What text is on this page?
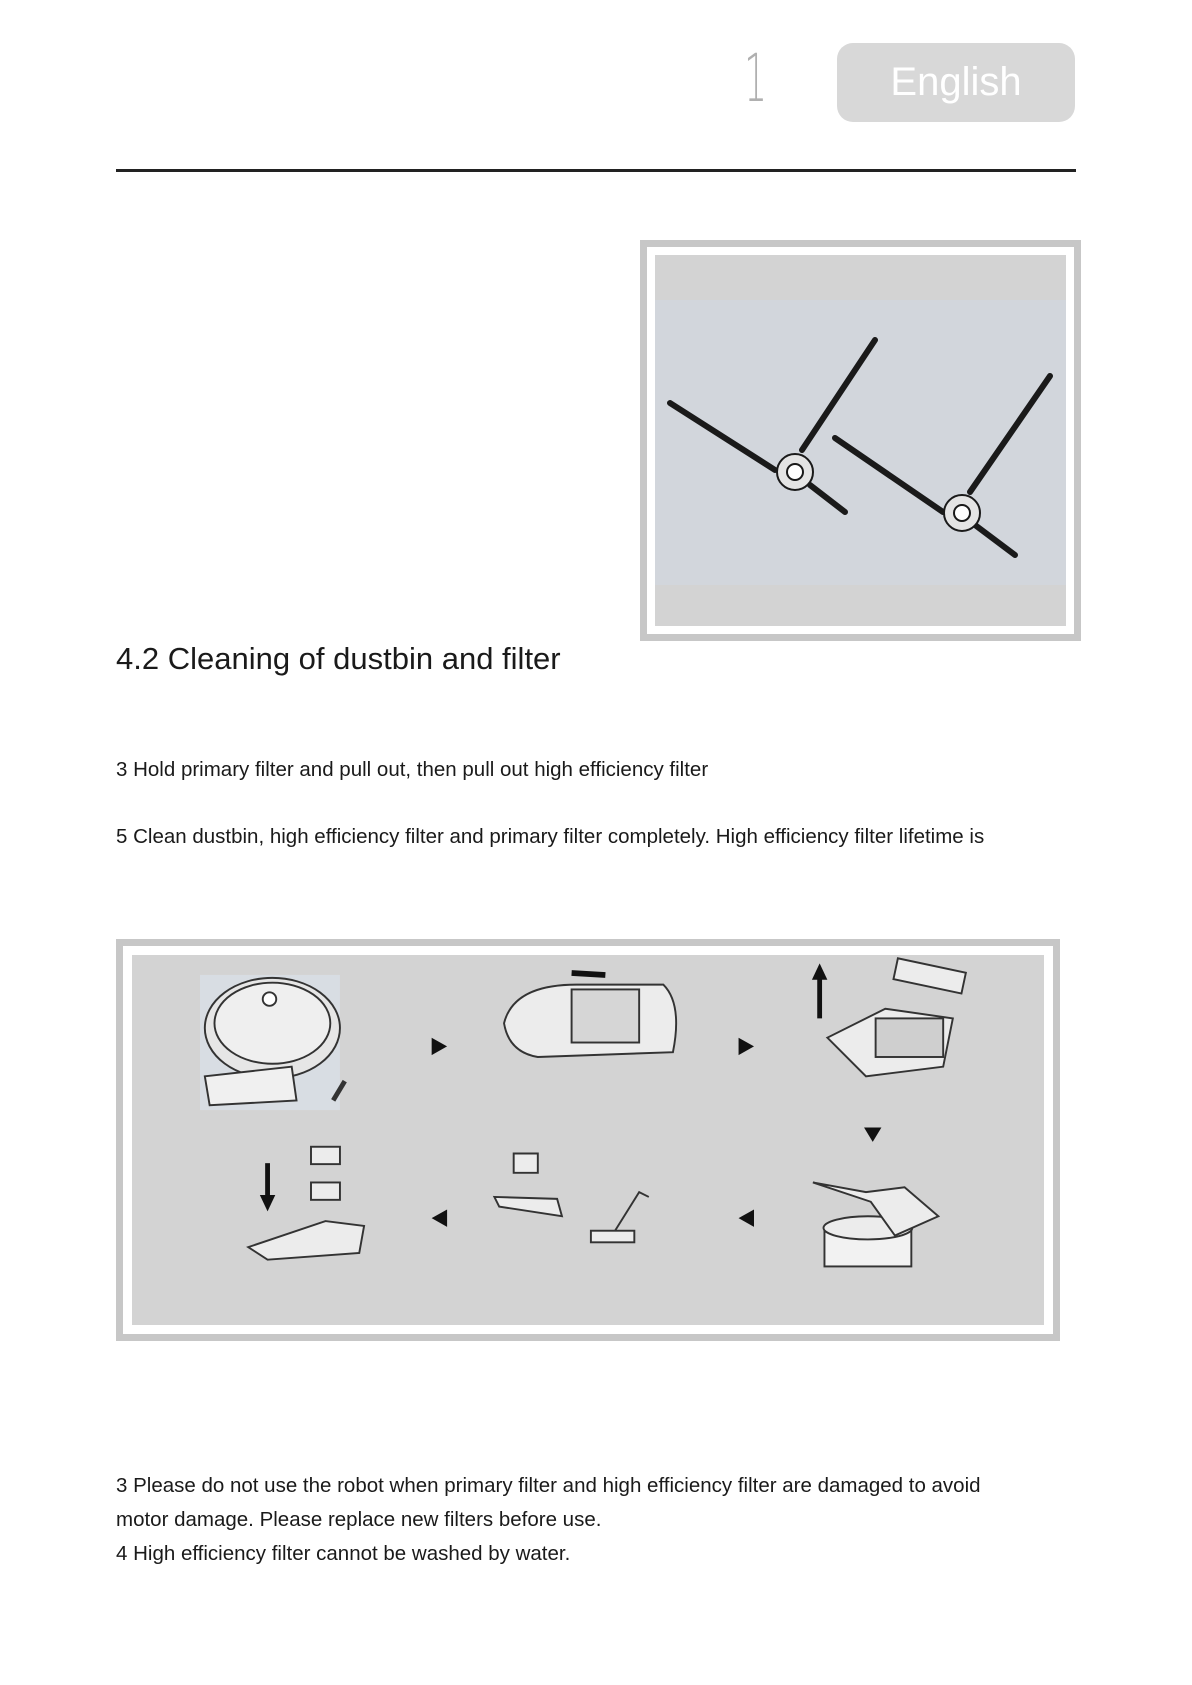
1	English
4.2 Cleaning of dustbin and filter

3 Hold primary filter and pull out, then pull out high efficiency filter

5 Clean dustbin, high efficiency filter and primary filter completely. High efficiency filter lifetime is

3 Please do not use the robot when primary filter and high efficiency filter are damaged to avoid

motor damage. Please replace new filters before use.

4 High efficiency filter cannot be washed by water.
